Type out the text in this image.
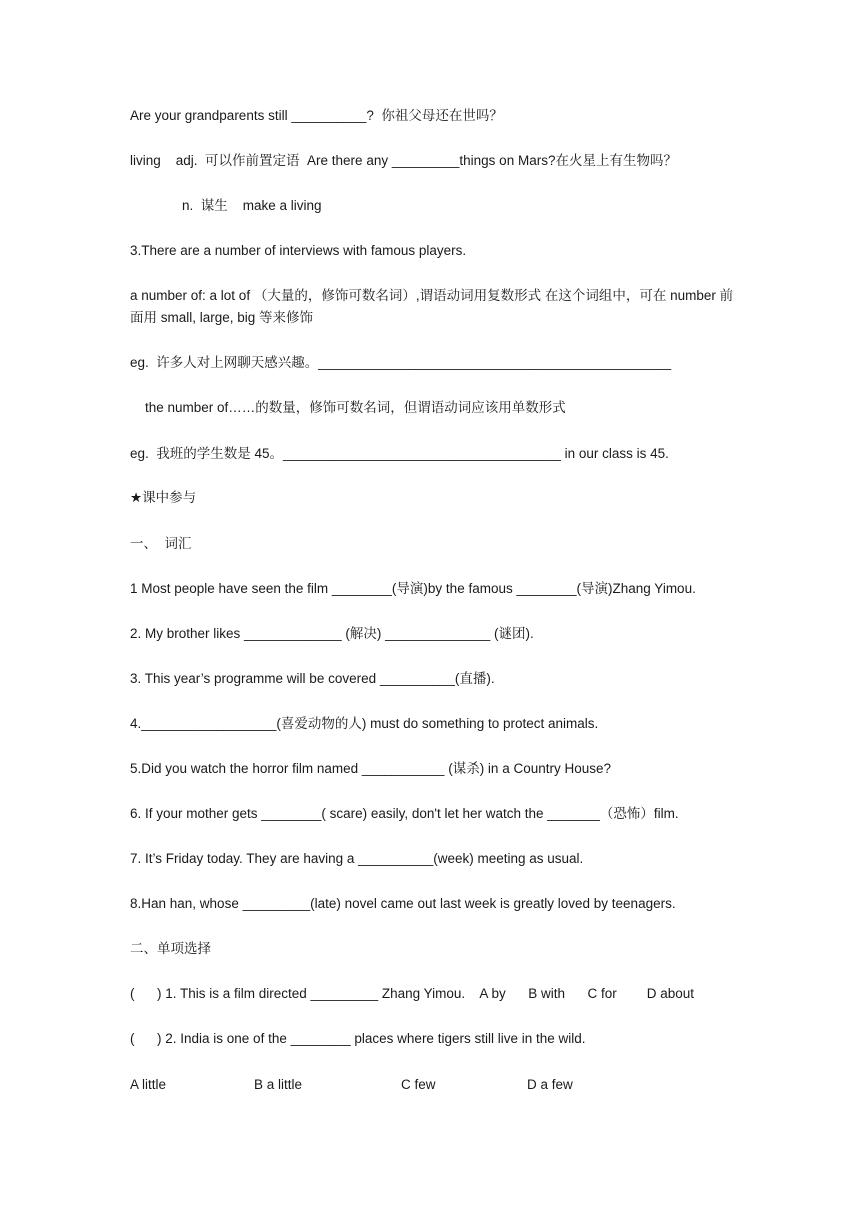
Are your grandparents still __________?  你祖父母还在世吗？
living    adj.  可以作前置定语  Are there any _________things on Mars?在火星上有生物吗？
n.  谋生    make a living
3.There are a number of interviews with famous players.
a number of: a lot of （大量的，修饰可数名词）,谓语动词用复数形式 在这个词组中，可在 number 前面用 small, large, big 等来修饰
eg.  许多人对上网聊天感兴趣。_______________________________________________
the number of……的数量，修饰可数名词，但谓语动词应该用单数形式
eg.  我班的学生数是 45。_____________________________________ in our class is 45.
★课中参与
一、  词汇
1 Most people have seen the film ________(导演)by the famous ________(导演)Zhang Yimou.
2. My brother likes _____________ (解决) ______________ (谜团).
3. This year’s programme will be covered __________(直播).
4.__________________(喜爱动物的人) must do something to protect animals.
5.Did you watch the horror film named ___________ (谋杀) in a Country House?
6. If your mother gets ________( scare) easily, don't let her watch the _______（恐怖）film.
7. It’s Friday today. They are having a __________(week) meeting as usual.
8.Han han, whose _________(late) novel came out last week is greatly loved by teenagers.
二、单项选择
(      ) 1. This is a film directed _________ Zhang Yimou.    A by      B with      C for        D about
(      ) 2. India is one of the ________ places where tigers still live in the wild.
A little	B a little	C few	D a few
